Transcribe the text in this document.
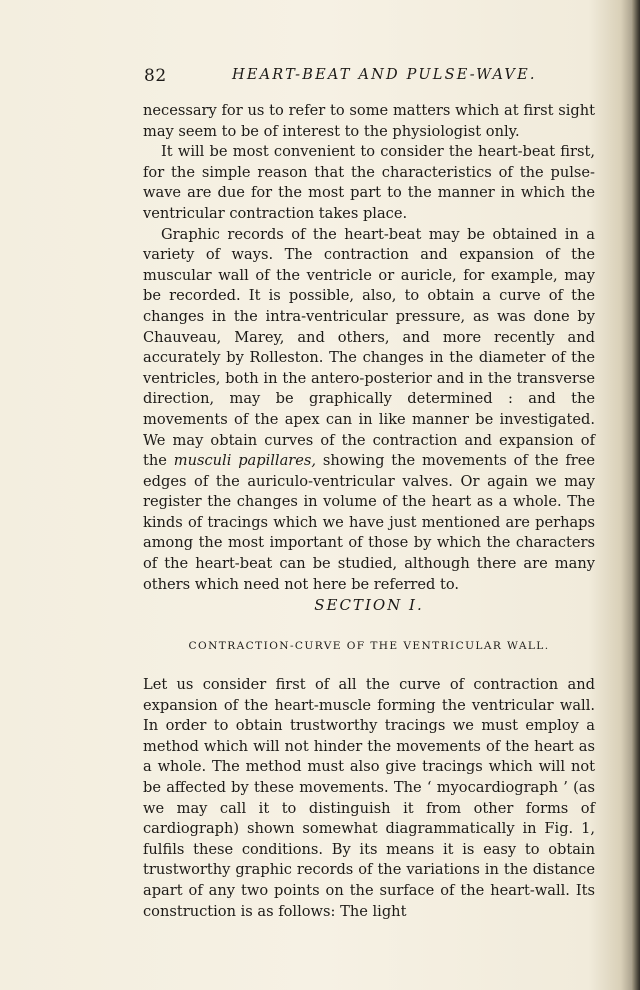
82	HEART-BEAT AND PULSE-WAVE.

necessary for us to refer to some matters which at first sight may seem to be of interest to the physiologist only.

It will be most convenient to consider the heart-beat first, for the simple reason that the characteristics of the pulse-wave are due for the most part to the manner in which the ventricular contraction takes place.

Graphic records of the heart-beat may be obtained in a variety of ways. The contraction and expansion of the muscular wall of the ventricle or auricle, for example, may be recorded. It is possible, also, to obtain a curve of the changes in the intra-ventricular pressure, as was done by Chauveau, Marey, and others, and more recently and accurately by Rolleston. The changes in the diameter of the ventricles, both in the antero-posterior and in the transverse direction, may be graphically determined : and the movements of the apex can in like manner be investigated. We may obtain curves of the contraction and expansion of the musculi papillares, showing the movements of the free edges of the auriculo-ventricular valves. Or again we may register the changes in volume of the heart as a whole. The kinds of tracings which we have just mentioned are perhaps among the most important of those by which the characters of the heart-beat can be studied, although there are many others which need not here be referred to.

SECTION I.
CONTRACTION-CURVE OF THE VENTRICULAR WALL.

Let us consider first of all the curve of contraction and expansion of the heart-muscle forming the ventricular wall. In order to obtain trustworthy tracings we must employ a method which will not hinder the movements of the heart as a whole. The method must also give tracings which will not be affected by these movements. The ‘ myocardiograph ’ (as we may call it to distinguish it from other forms of cardiograph) shown somewhat diagrammatically in Fig. 1, fulfils these conditions. By its means it is easy to obtain trustworthy graphic records of the variations in the distance apart of any two points on the surface of the heart-wall. Its construction is as follows: The light
